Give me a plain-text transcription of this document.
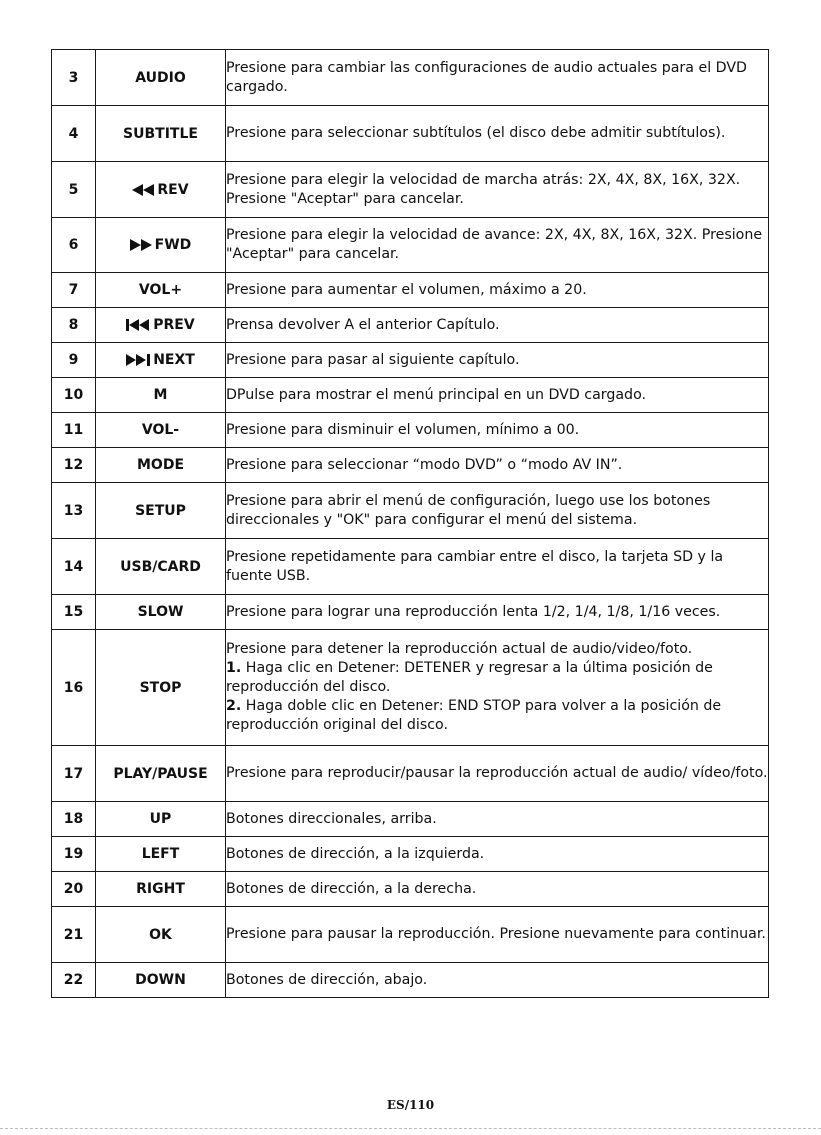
3	AUDIO	Presione para cambiar las configuraciones de audio actuales para el DVD cargado.

4	SUBTITLE	Presione para seleccionar subtítulos (el disco debe admitir subtítulos).

5	REV	Presione para elegir la velocidad de marcha atrás: 2X, 4X, 8X, 16X, 32X. Presione "Aceptar" para cancelar.

6	FWD	Presione para elegir la velocidad de avance: 2X, 4X, 8X, 16X, 32X. Presione "Aceptar" para cancelar.

7	VOL+	Presione para aumentar el volumen, máximo a 20.

8	PREV	Prensa devolver A el anterior Capítulo.

9	NEXT	Presione para pasar al siguiente capítulo.

10	M	DPulse para mostrar el menú principal en un DVD cargado.

11	VOL-	Presione para disminuir el volumen, mínimo a 00.

12	MODE	Presione para seleccionar “modo DVD” o “modo AV IN”.

13	SETUP	Presione para abrir el menú de configuración, luego use los botones direccionales y "OK" para configurar el menú del sistema.

14	USB/CARD	Presione repetidamente para cambiar entre el disco, la tarjeta SD y la fuente USB.

15	SLOW	Presione para lograr una reproducción lenta 1/2, 1/4, 1/8, 1/16 veces.

16	STOP	Presione para detener la reproducción actual de audio/video/foto.
1. Haga clic en Detener: DETENER y regresar a la última posición de reproducción del disco.
2. Haga doble clic en Detener: END STOP para volver a la posición de reproducción original del disco.

17	PLAY/PAUSE	Presione para reproducir/pausar la reproducción actual de audio/ vídeo/foto.

18	UP	Botones direccionales, arriba.

19	LEFT	Botones de dirección, a la izquierda.

20	RIGHT	Botones de dirección, a la derecha.

21	OK	Presione para pausar la reproducción. Presione nuevamente para continuar.

22	DOWN	Botones de dirección, abajo.
ES/110
